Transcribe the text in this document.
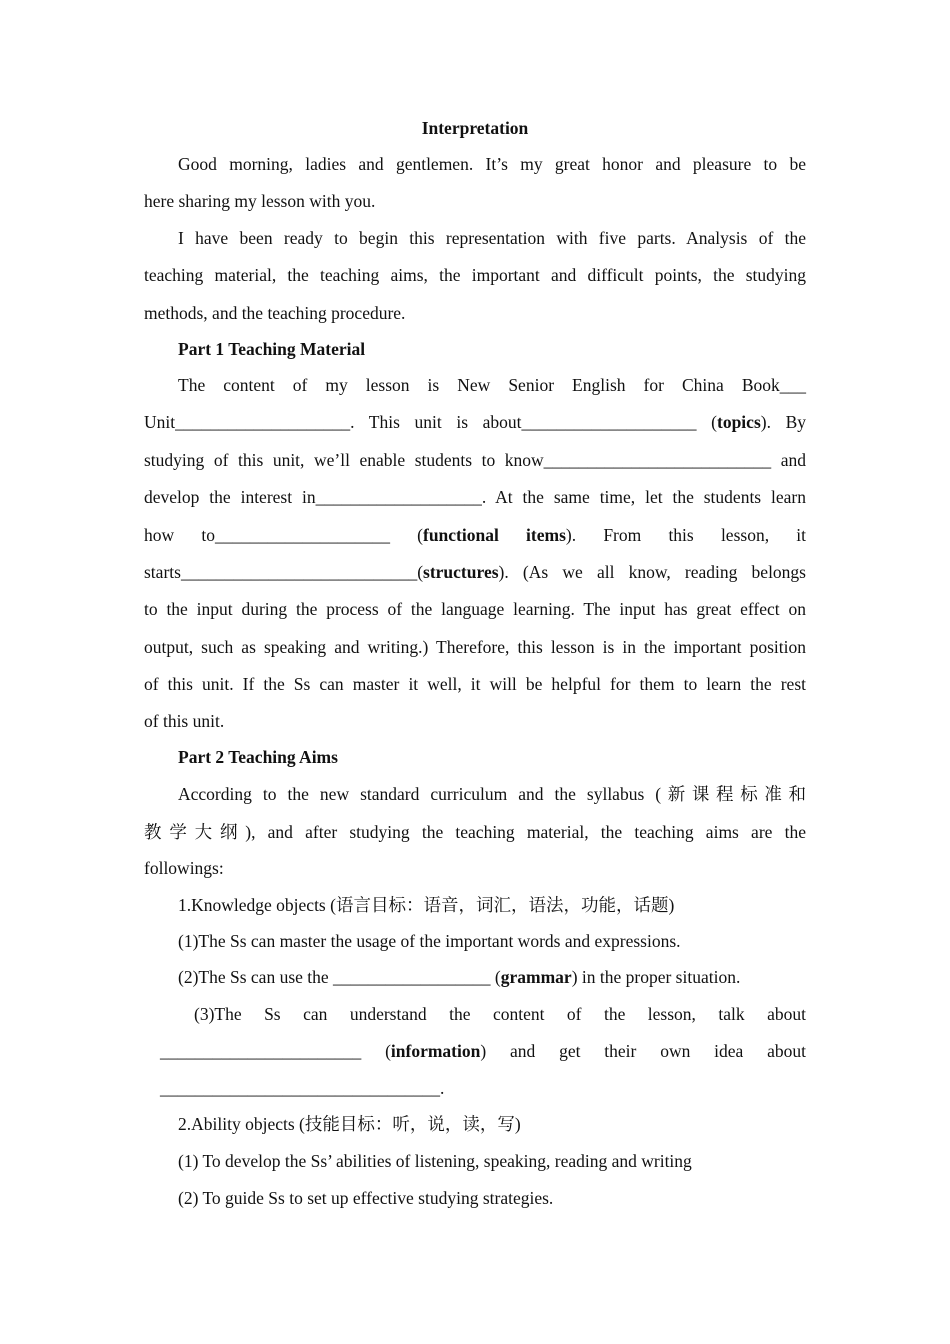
Interpretation
Good morning, ladies and gentlemen. It’s my great honor and pleasure to be
here sharing my lesson with you.
I have been ready to begin this representation with five parts. Analysis of the
teaching material, the teaching aims, the important and difficult points, the studying
methods, and the teaching procedure.
Part 1 Teaching Material
The content of my lesson is New Senior English for China Book___
Unit____________________. This unit is about____________________ (topics). By
studying of this unit, we’ll enable students to know__________________________ and
develop the interest in___________________. At the same time, let the students learn
how to____________________ (functional items). From this lesson, it
starts___________________________(structures). (As we all know, reading belongs
to the input during the process of the language learning. The input has great effect on
output, such as speaking and writing.) Therefore, this lesson is in the important position
of this unit. If the Ss can master it well, it will be helpful for them to learn the rest
of this unit.
Part 2 Teaching Aims
According to the new standard curriculum and the syllabus (新课程标准和
教学大纲), and after studying the teaching material, the teaching aims are the
followings:
1.Knowledge objects (语言目标：语音，词汇，语法，功能，话题)
(1)The Ss can master the usage of the important words and expressions.
(2)The Ss can use the __________________ (grammar) in the proper situation.
(3)The Ss can understand the content of the lesson, talk about
_______________________ (information) and get their own idea about
________________________________.
2.Ability objects (技能目标：听，说，读，写)
(1) To develop the Ss’ abilities of listening, speaking, reading and writing
(2) To guide Ss to set up effective studying strategies.
